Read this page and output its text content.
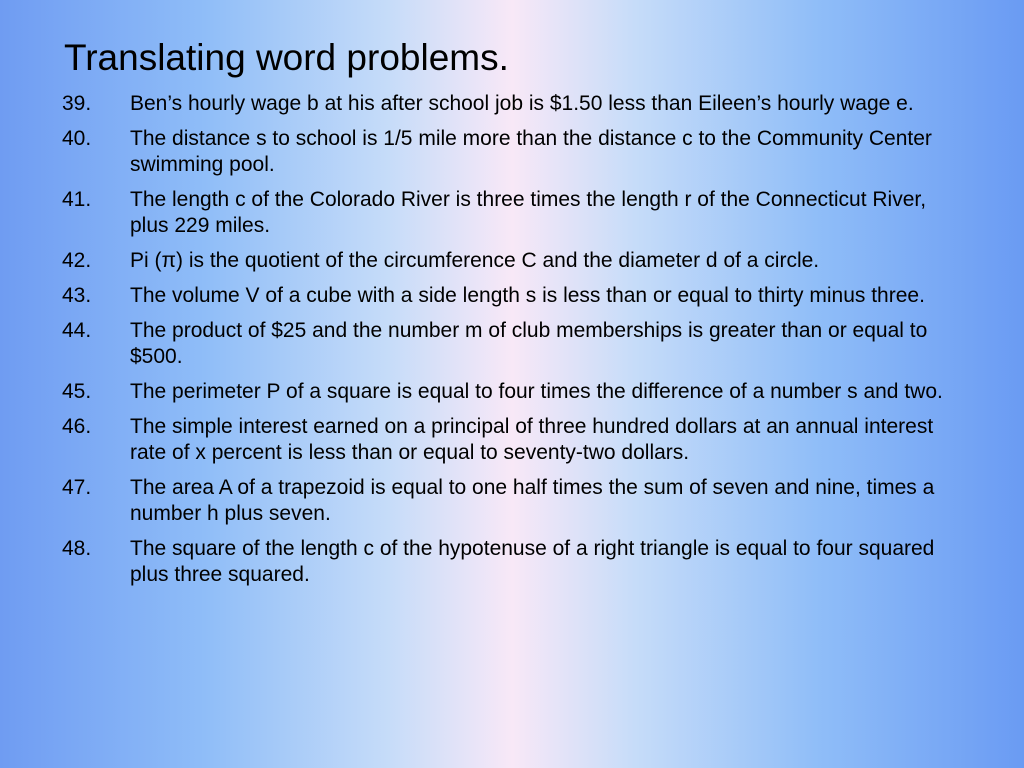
Translating word problems.
39.	Ben’s hourly wage b at his after school job is $1.50 less than Eileen’s hourly wage e.
40.	The distance s to school is 1/5 mile more than the distance c to the Community Center swimming pool.
41.	The length c of the Colorado River is three times the length r of the Connecticut River, plus 229 miles.
42.	Pi (π) is the quotient of the circumference C and the diameter d of a circle.
43.	The volume V of a cube with a side length s is less than or equal to thirty minus three.
44.	The product of $25 and the number m of club memberships is greater than or equal to $500.
45.	The perimeter P of a square is equal to four times the difference of a number s and two.
46.	The simple interest earned on a principal of three hundred dollars at an annual interest rate of x percent is less than or equal to seventy-two dollars.
47.	The area A of a trapezoid is equal to one half times the sum of seven and nine, times a number h plus seven.
48.	The square of the length c of the hypotenuse of a right triangle is equal to four squared plus three squared.
